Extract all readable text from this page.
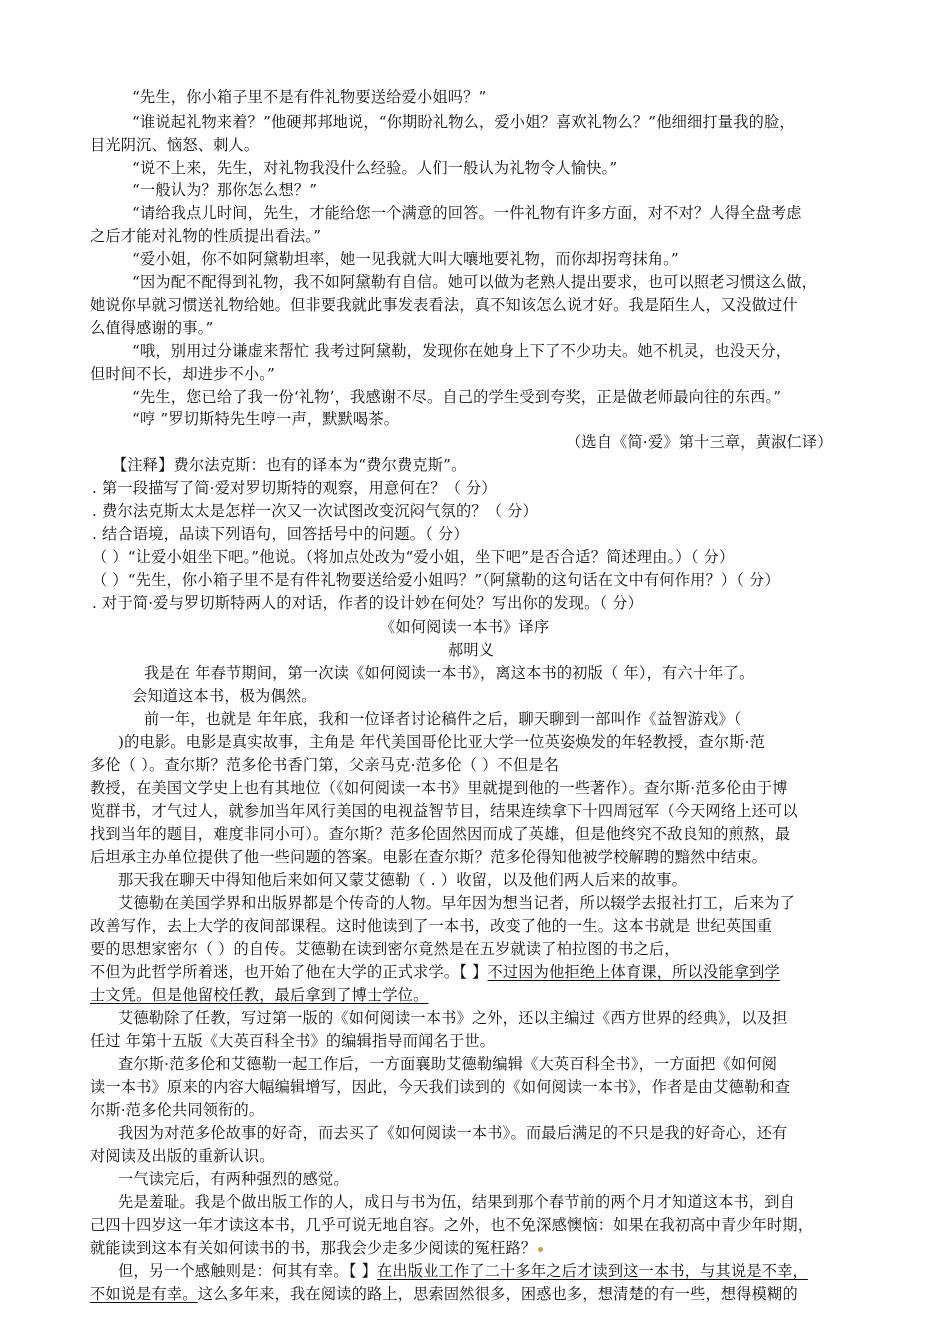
“先生，你小箱子里不是有件礼物要送给爱小姐吗？”
“谁说起礼物来着？”他硬邦邦地说，“你期盼礼物么，爱小姐？喜欢礼物么？”他细细打量我的脸，
目光阴沉、恼怒、刺人。
“说不上来，先生，对礼物我没什么经验。人们一般认为礼物令人愉快。”
“一般认为？那你怎么想？”
“请给我点儿时间，先生，才能给您一个满意的回答。一件礼物有许多方面，对不对？人得全盘考虑
之后才能对礼物的性质提出看法。”
“爱小姐，你不如阿黛勒坦率，她一见我就大叫大嚷地要礼物，而你却拐弯抹角。”
“因为配不配得到礼物，我不如阿黛勒有自信。她可以做为老熟人提出要求，也可以照老习惯这么做，
她说你早就习惯送礼物给她。但非要我就此事发表看法，真不知该怎么说才好。我是陌生人，又没做过什
么值得感谢的事。”
“哦，别用过分谦虚来帮忙 我考过阿黛勒，发现你在她身上下了不少功夫。她不机灵，也没天分，
但时间不长，却进步不小。”
“先生，您已给了我一份‘礼物’，我感谢不尽。自己的学生受到夸奖，正是做老师最向往的东西。”
“哼 ”罗切斯特先生哼一声，默默喝茶。
（选自《简·爱》第十三章，黄淑仁译）
【注释】费尔法克斯：也有的译本为“费尔费克斯”。
. 第一段描写了简·爱对罗切斯特的观察，用意何在？（ 分）
. 费尔法克斯太太是怎样一次又一次试图改变沉闷气氛的？（ 分）
. 结合语境，品读下列语句，回答括号中的问题。（ 分）
（ ）“让爱小姐坐下吧。”他说。（将加点处改为“爱小姐，坐下吧”是否合适？简述理由。）（ 分）
（ ）“先生，你小箱子里不是有件礼物要送给爱小姐吗？”（阿黛勒的这句话在文中有何作用？）（ 分）
. 对于简·爱与罗切斯特两人的对话，作者的设计妙在何处？写出你的发现。（ 分）
《如何阅读一本书》译序
郝明义
我是在 年春节期间，第一次读《如何阅读一本书》，离这本书的初版（ 年），有六十年了。
会知道这本书，极为偶然。
前一年，也就是 年年底，我和一位译者讨论稿件之后，聊天聊到一部叫作《益智游戏》（
)的电影。电影是真实故事，主角是 年代美国哥伦比亚大学一位英姿焕发的年轻教授，查尔斯·范
多伦（ ）。查尔斯？范多伦书香门第，父亲马克·范多伦（ ）不但是名
教授，在美国文学史上也有其地位（《如何阅读一本书》里就提到他的一些著作）。查尔斯·范多伦由于博
览群书，才气过人，就参加当年风行美国的电视益智节目，结果连续拿下十四周冠军（今天网络上还可以
找到当年的题目，难度非同小可）。查尔斯？范多伦固然因而成了英雄，但是他终究不敌良知的煎熬，最
后坦承主办单位提供了他一些问题的答案。电影在查尔斯？范多伦得知他被学校解聘的黯然中结束。
那天我在聊天中得知他后来如何又蒙艾德勒（ . ）收留，以及他们两人后来的故事。
艾德勒在美国学界和出版界都是个传奇的人物。早年因为想当记者，所以辍学去报社打工，后来为了
改善写作，去上大学的夜间部课程。这时他读到了一本书，改变了他的一生。这本书就是 世纪英国重
要的思想家密尔（ ）的自传。艾德勒在读到密尔竟然是在五岁就读了柏拉图的书之后，
不但为此哲学所着迷，也开始了他在大学的正式求学。【 】不过因为他拒绝上体育课，所以没能拿到学
士文凭。但是他留校任教，最后拿到了博士学位。
艾德勒除了任教，写过第一版的《如何阅读一本书》之外，还以主编过《西方世界的经典》，以及担
任过 年第十五版《大英百科全书》的编辑指导而闻名于世。
查尔斯·范多伦和艾德勒一起工作后，一方面襄助艾德勒编辑《大英百科全书》，一方面把《如何阅
读一本书》原来的内容大幅编辑增写，因此，今天我们读到的《如何阅读一本书》，作者是由艾德勒和查
尔斯·范多伦共同领衔的。
我因为对范多伦故事的好奇，而去买了《如何阅读一本书》。而最后满足的不只是我的好奇心，还有
对阅读及出版的重新认识。
一气读完后，有两种强烈的感觉。
先是羞耻。我是个做出版工作的人，成日与书为伍，结果到那个春节前的两个月才知道这本书，到自
己四十四岁这一年才读这本书，几乎可说无地自容。之外，也不免深感懊恼：如果在我初高中青少年时期，
就能读到这本有关如何读书的书，那我会少走多少阅读的冤枉路？
但，另一个感触则是：何其有幸。【 】在出版业工作了二十多年之后才读到这一本书，与其说是不幸，
不如说是有幸。这么多年来，我在阅读的路上，思索固然很多，困惑也多，想清楚的有一些，想得模糊的
